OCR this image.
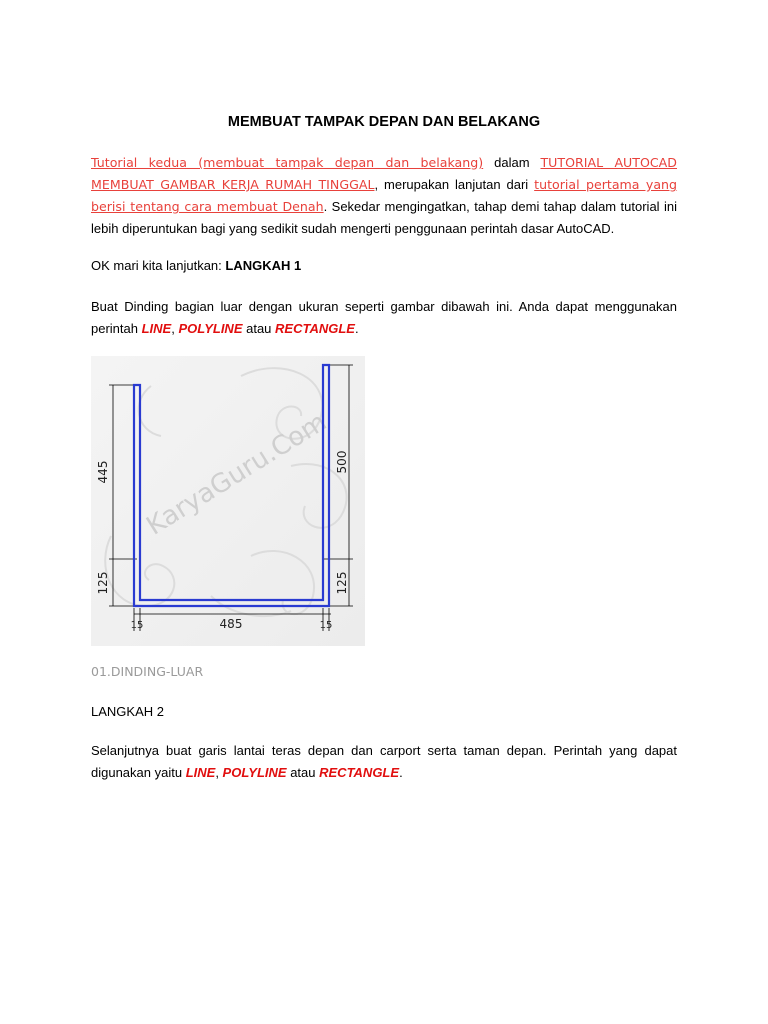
MEMBUAT TAMPAK DEPAN DAN BELAKANG

Tutorial kedua (membuat tampak depan dan belakang) dalam TUTORIAL AUTOCAD MEMBUAT GAMBAR KERJA RUMAH TINGGAL, merupakan lanjutan dari tutorial pertama yang berisi tentang cara membuat Denah. Sekedar mengingatkan, tahap demi tahap dalam tutorial ini lebih diperuntukan bagi yang sedikit sudah mengerti penggunaan perintah dasar AutoCAD.

OK mari kita lanjutkan: LANGKAH 1

Buat Dinding bagian luar dengan ukuran seperti gambar dibawah ini. Anda dapat menggunakan perintah LINE, POLYLINE atau RECTANGLE.

KaryaGuru.Com
445
125
500
125
485
15	15

01.DINDING-LUAR

LANGKAH 2

Selanjutnya buat garis lantai teras depan dan carport serta taman depan. Perintah yang dapat digunakan yaitu LINE, POLYLINE atau RECTANGLE.
